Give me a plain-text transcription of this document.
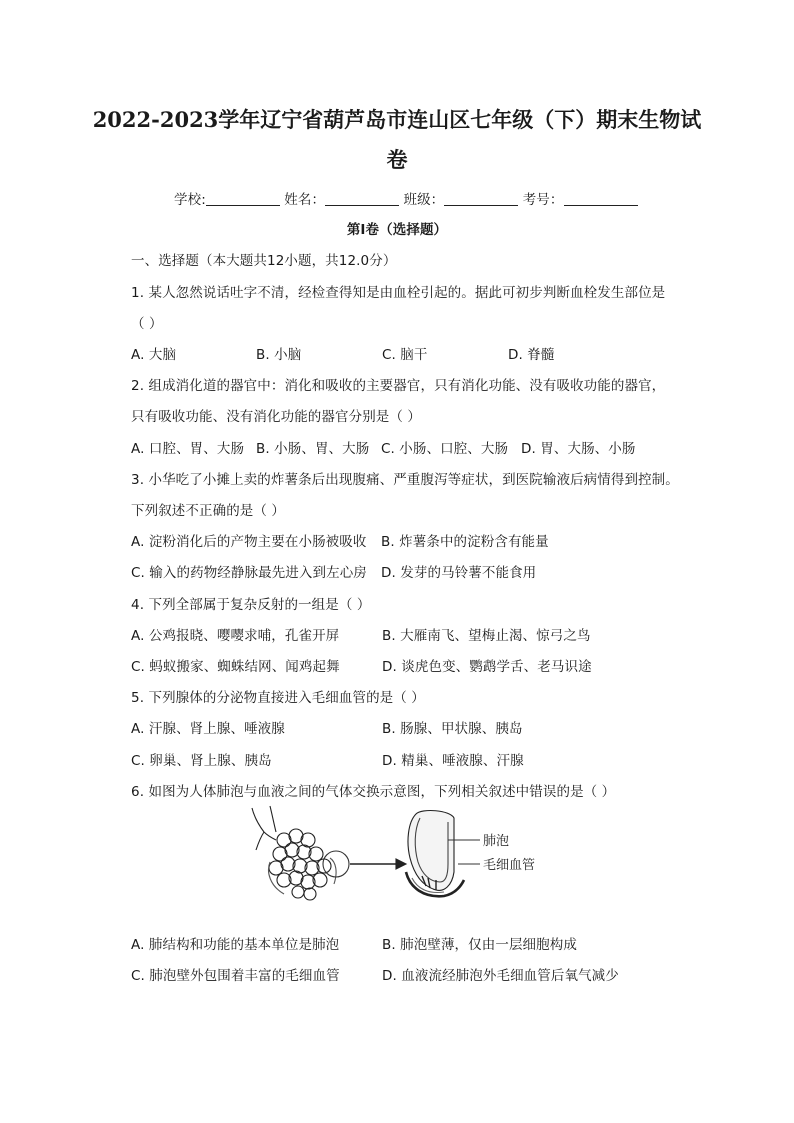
2022-2023学年辽宁省葫芦岛市连山区七年级（下）期末生物试
卷
学校:	姓名：	班级：	考号：
第I卷（选择题）
一、选择题（本大题共12小题，共12.0分）
1. 某人忽然说话吐字不清，经检查得知是由血栓引起的。据此可初步判断血栓发生部位是
（ ）
A. 大脑	B. 小脑	C. 脑干	D. 脊髓
2. 组成消化道的器官中：消化和吸收的主要器官，只有消化功能、没有吸收功能的器官，
只有吸收功能、没有消化功能的器官分别是（ ）
A. 口腔、胃、大肠 B. 小肠、胃、大肠 C. 小肠、口腔、大肠 D. 胃、大肠、小肠
3. 小华吃了小摊上卖的炸薯条后出现腹痛、严重腹泻等症状，到医院输液后病情得到控制。
下列叙述不正确的是（ ）
A. 淀粉消化后的产物主要在小肠被吸收 B. 炸薯条中的淀粉含有能量
C. 输入的药物经静脉最先进入到左心房 D. 发芽的马铃薯不能食用
4. 下列全部属于复杂反射的一组是（ ）
A. 公鸡报晓、嘤嘤求哺，孔雀开屏	B. 大雁南飞、望梅止渴、惊弓之鸟
C. 蚂蚁搬家、蜘蛛结网、闻鸡起舞	D. 谈虎色变、鹦鹉学舌、老马识途
5. 下列腺体的分泌物直接进入毛细血管的是（ ）
A. 汗腺、肾上腺、唾液腺	B. 肠腺、甲状腺、胰岛
C. 卵巢、肾上腺、胰岛	D. 精巢、唾液腺、汗腺
6. 如图为人体肺泡与血液之间的气体交换示意图，下列相关叙述中错误的是（ ）
肺泡
毛细血管
A. 肺结构和功能的基本单位是肺泡	B. 肺泡壁薄，仅由一层细胞构成
C. 肺泡壁外包围着丰富的毛细血管	D. 血液流经肺泡外毛细血管后氧气减少
